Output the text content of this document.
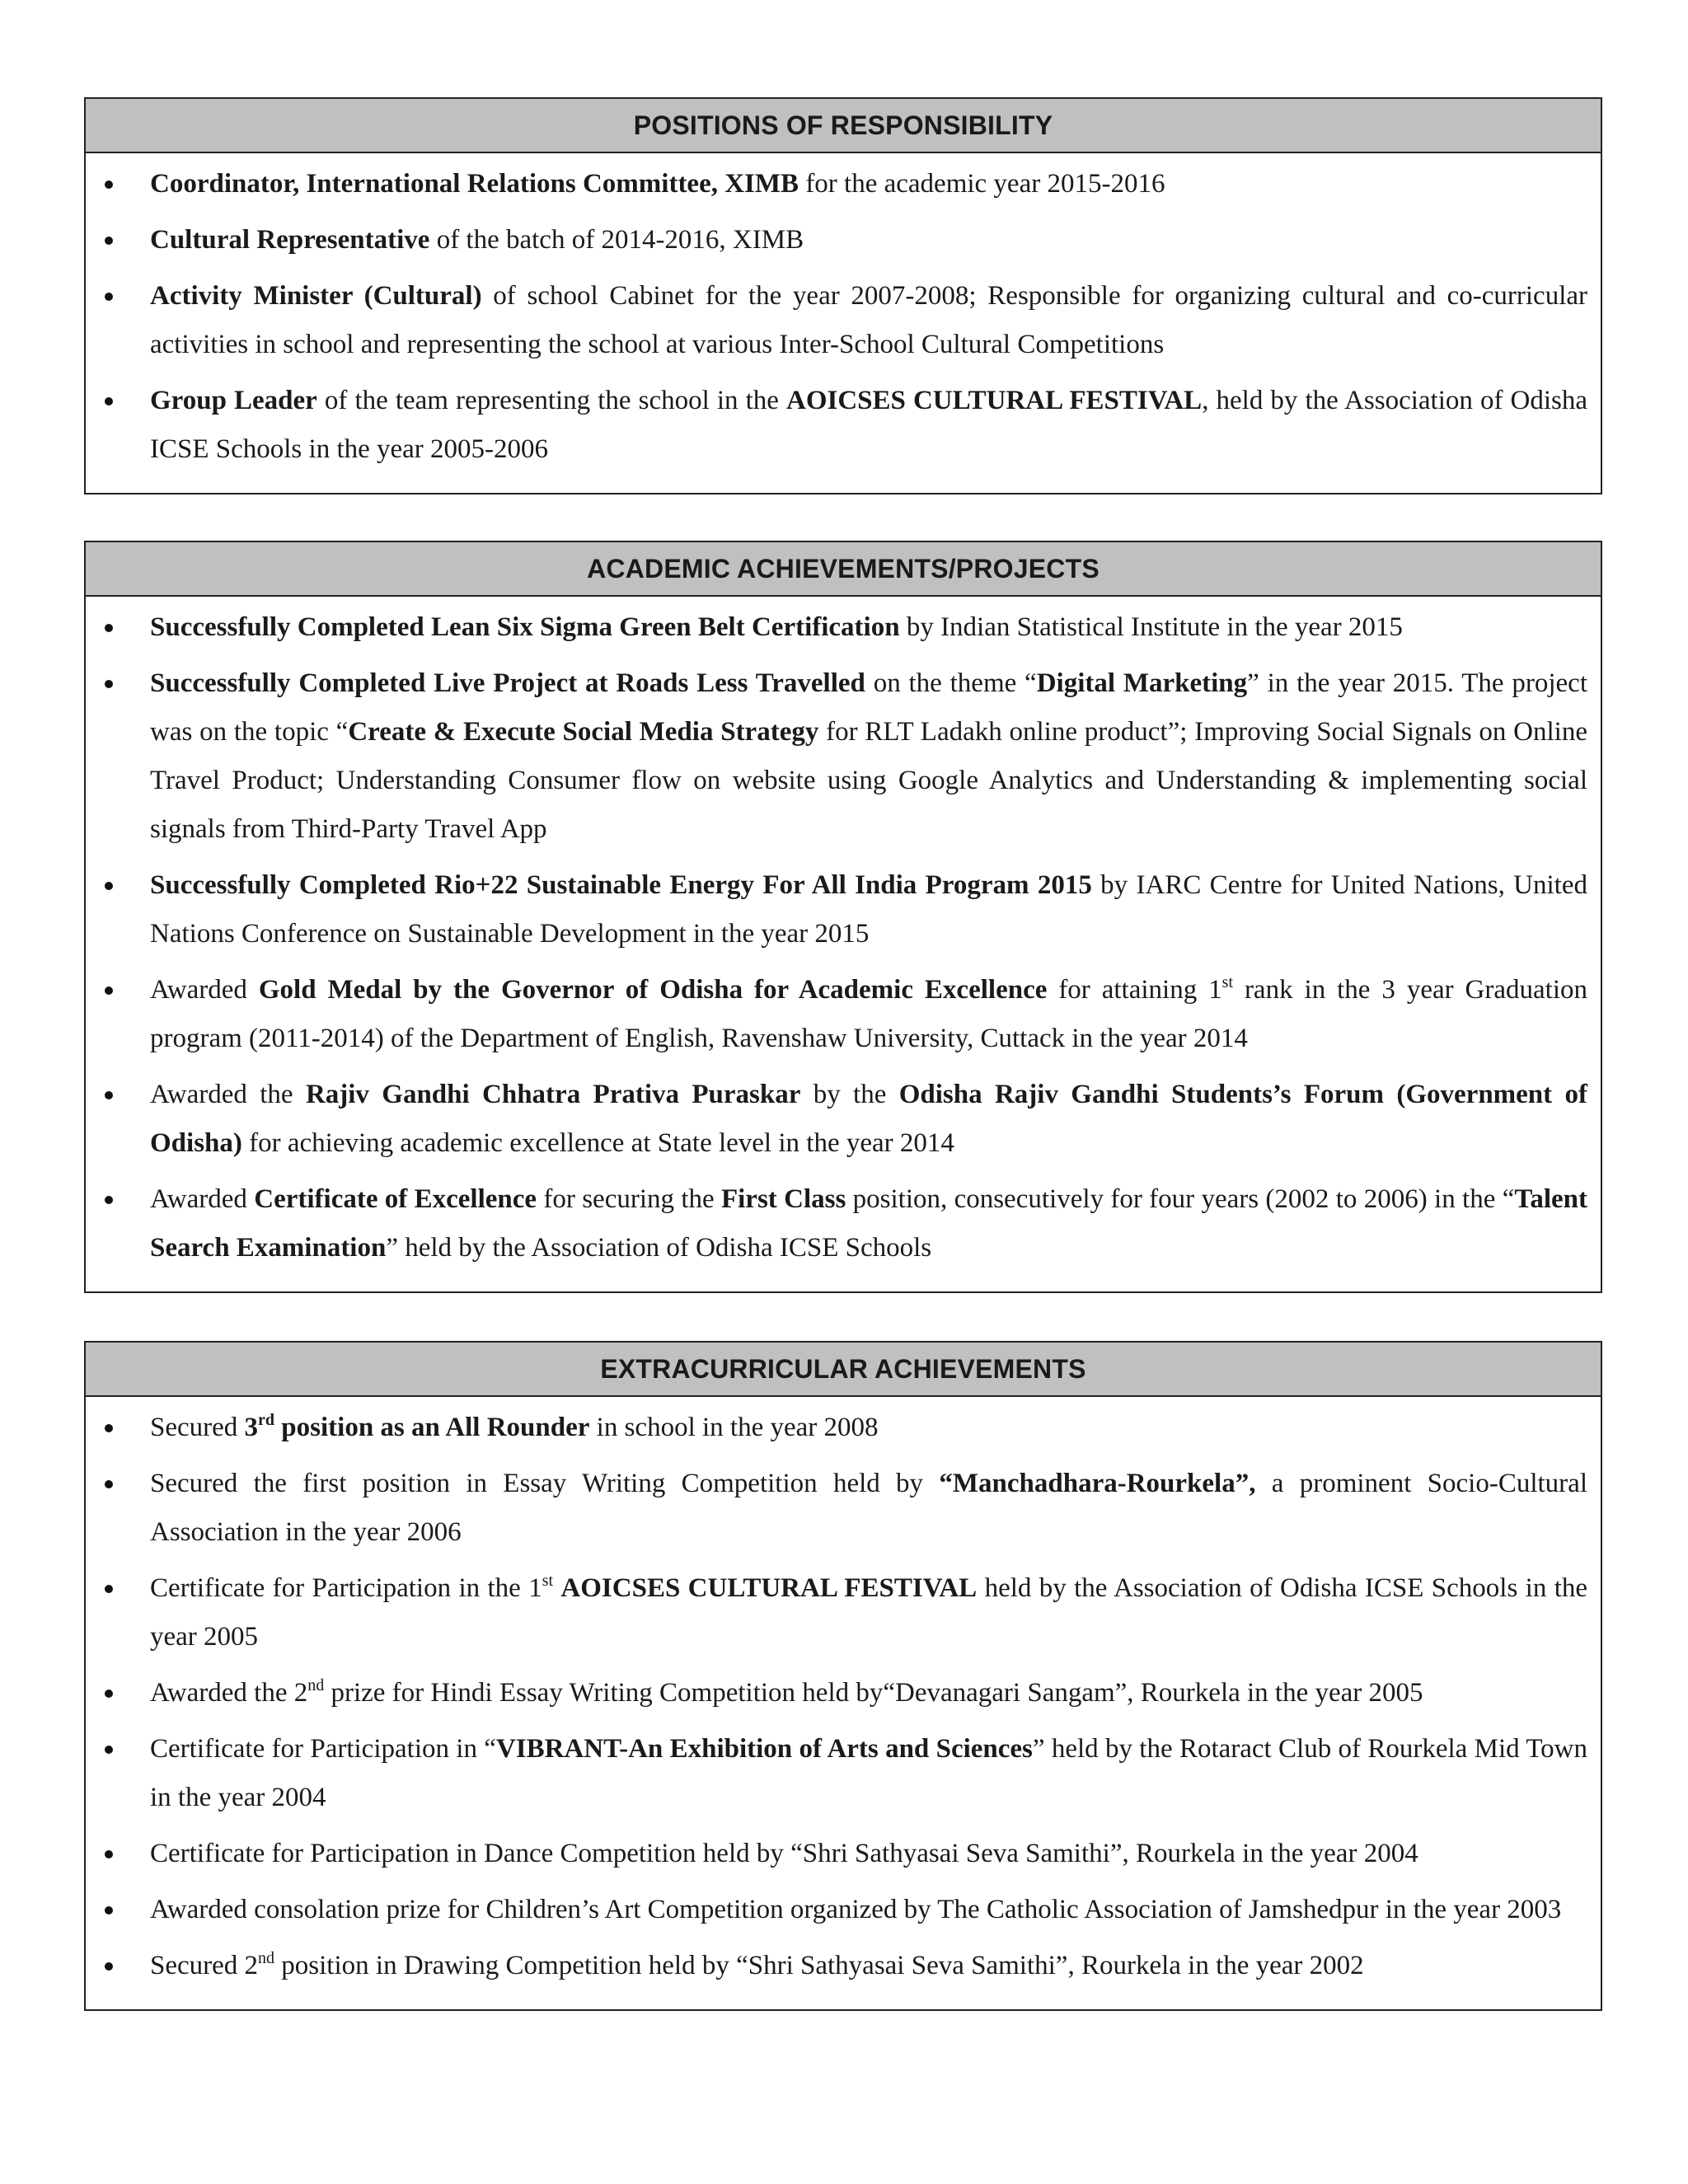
POSITIONS OF RESPONSIBILITY
Coordinator, International Relations Committee, XIMB for the academic year 2015-2016
Cultural Representative of the batch of 2014-2016, XIMB
Activity Minister (Cultural) of school Cabinet for the year 2007-2008; Responsible for organizing cultural and co-curricular activities in school and representing the school at various Inter-School Cultural Competitions
Group Leader of the team representing the school in the AOICSES CULTURAL FESTIVAL, held by the Association of Odisha ICSE Schools in the year 2005-2006
ACADEMIC ACHIEVEMENTS/PROJECTS
Successfully Completed Lean Six Sigma Green Belt Certification by Indian Statistical Institute in the year 2015
Successfully Completed Live Project at Roads Less Travelled on the theme “Digital Marketing” in the year 2015. The project was on the topic “Create & Execute Social Media Strategy for RLT Ladakh online product”; Improving Social Signals on Online Travel Product; Understanding Consumer flow on website using Google Analytics and Understanding & implementing social signals from Third-Party Travel App
Successfully Completed Rio+22 Sustainable Energy For All India Program 2015 by IARC Centre for United Nations, United Nations Conference on Sustainable Development in the year 2015
Awarded Gold Medal by the Governor of Odisha for Academic Excellence for attaining 1st rank in the 3 year Graduation program (2011-2014) of the Department of English, Ravenshaw University, Cuttack in the year 2014
Awarded the Rajiv Gandhi Chhatra Prativa Puraskar by the Odisha Rajiv Gandhi Students’s Forum (Government of Odisha) for achieving academic excellence at State level in the year 2014
Awarded Certificate of Excellence for securing the First Class position, consecutively for four years (2002 to 2006) in the “Talent Search Examination” held by the Association of Odisha ICSE Schools
EXTRACURRICULAR ACHIEVEMENTS
Secured 3rd position as an All Rounder in school in the year 2008
Secured the first position in Essay Writing Competition held by “Manchadhara-Rourkela”, a prominent Socio-Cultural Association in the year 2006
Certificate for Participation in the 1st AOICSES CULTURAL FESTIVAL held by the Association of Odisha ICSE Schools in the year 2005
Awarded the 2nd prize for Hindi Essay Writing Competition held by“Devanagari Sangam”, Rourkela in the year 2005
Certificate for Participation in “VIBRANT-An Exhibition of Arts and Sciences” held by the Rotaract Club of Rourkela Mid Town in the year 2004
Certificate for Participation in Dance Competition held by “Shri Sathyasai Seva Samithi”, Rourkela in the year 2004
Awarded consolation prize for Children’s Art Competition organized by The Catholic Association of Jamshedpur in the year 2003
Secured 2nd position in Drawing Competition held by “Shri Sathyasai Seva Samithi”, Rourkela in the year 2002
